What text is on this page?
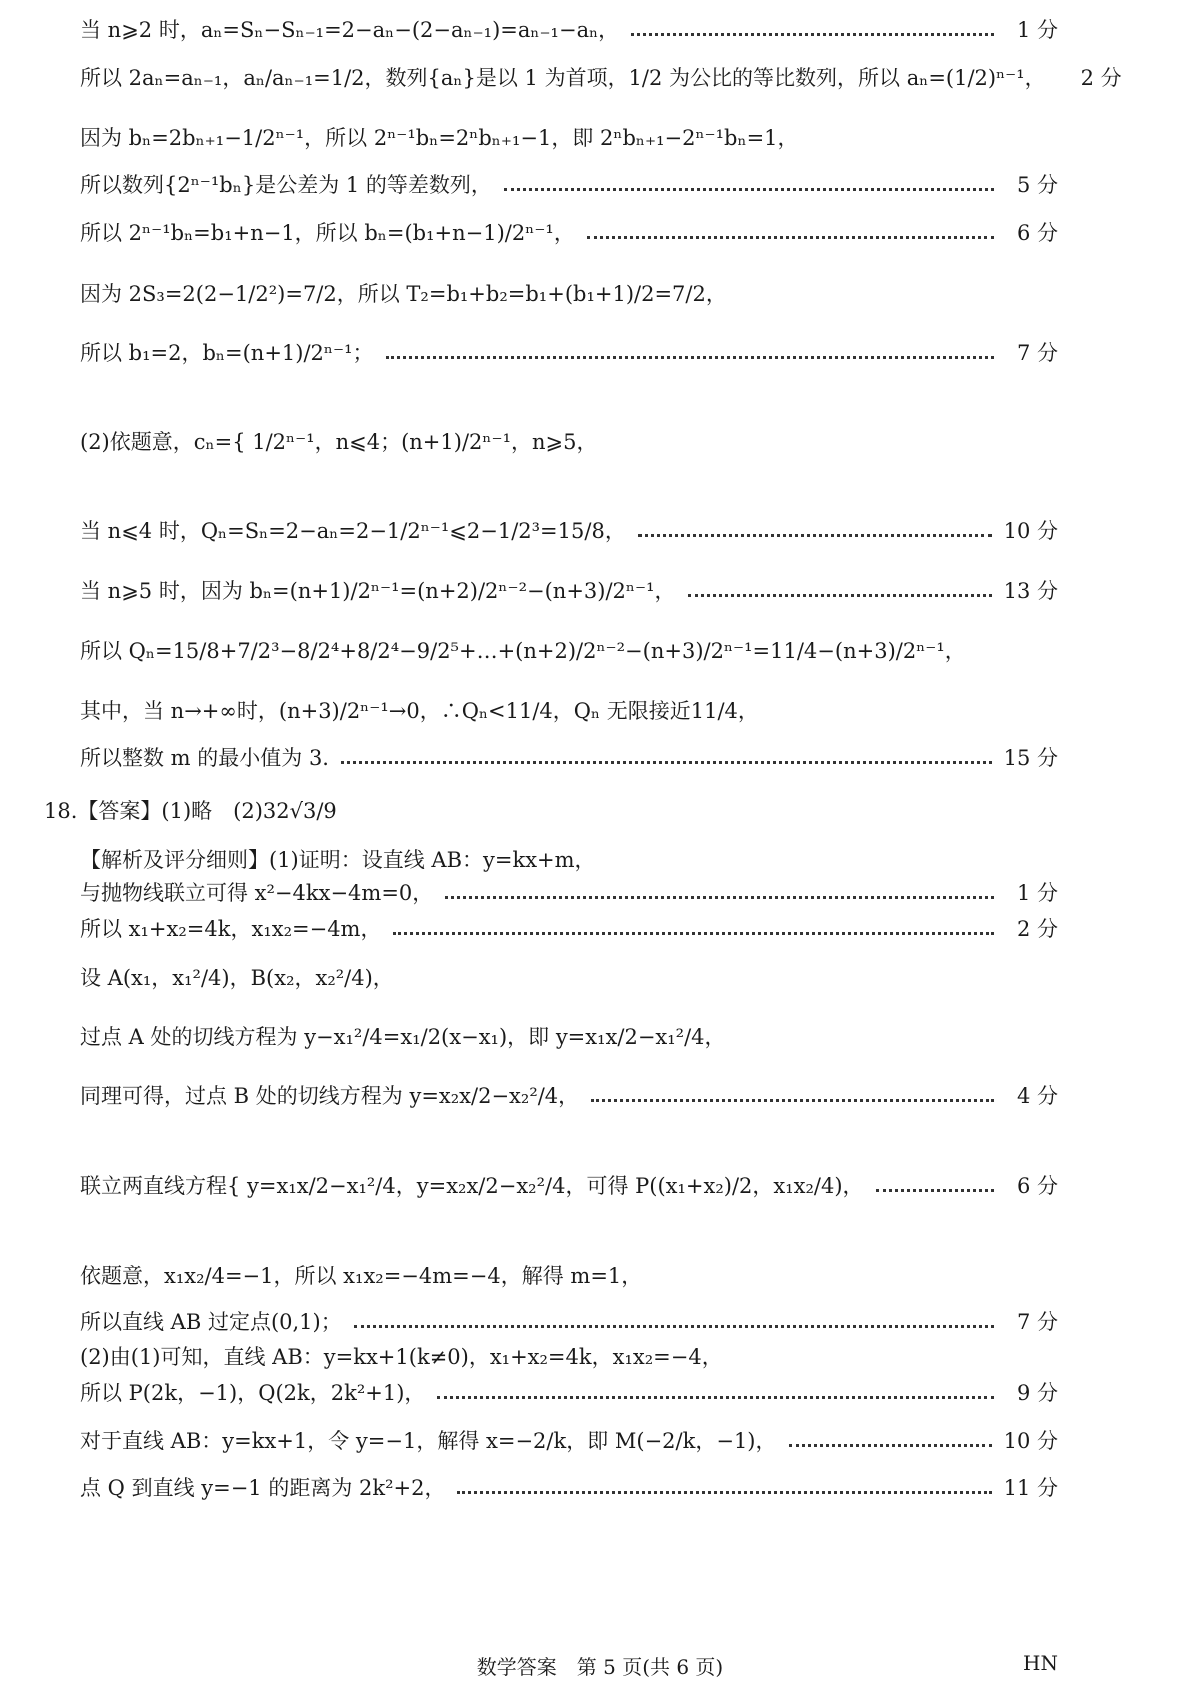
当 n⩾2 时，aₙ=Sₙ−Sₙ₋₁=2−aₙ−(2−aₙ₋₁)=aₙ₋₁−aₙ，	1 分
所以 2aₙ=aₙ₋₁，aₙ/aₙ₋₁=1/2，数列{aₙ}是以 1 为首项，1/2 为公比的等比数列，所以 aₙ=(1/2)ⁿ⁻¹，	2 分
因为 bₙ=2bₙ₊₁−1/2ⁿ⁻¹，所以 2ⁿ⁻¹bₙ=2ⁿbₙ₊₁−1，即 2ⁿbₙ₊₁−2ⁿ⁻¹bₙ=1，
所以数列{2ⁿ⁻¹bₙ}是公差为 1 的等差数列，	5 分
所以 2ⁿ⁻¹bₙ=b₁+n−1，所以 bₙ=(b₁+n−1)/2ⁿ⁻¹，	6 分
因为 2S₃=2(2−1/2²)=7/2，所以 T₂=b₁+b₂=b₁+(b₁+1)/2=7/2，
所以 b₁=2，bₙ=(n+1)/2ⁿ⁻¹；	7 分
(2)依题意，cₙ={ 1/2ⁿ⁻¹，n⩽4；(n+1)/2ⁿ⁻¹，n⩾5，
当 n⩽4 时，Qₙ=Sₙ=2−aₙ=2−1/2ⁿ⁻¹⩽2−1/2³=15/8，	10 分
当 n⩾5 时，因为 bₙ=(n+1)/2ⁿ⁻¹=(n+2)/2ⁿ⁻²−(n+3)/2ⁿ⁻¹，	13 分
所以 Qₙ=15/8+7/2³−8/2⁴+8/2⁴−9/2⁵+…+(n+2)/2ⁿ⁻²−(n+3)/2ⁿ⁻¹=11/4−(n+3)/2ⁿ⁻¹，
其中，当 n→+∞时，(n+3)/2ⁿ⁻¹→0，∴Qₙ<11/4，Qₙ 无限接近11/4，
所以整数 m 的最小值为 3.	15 分
18.【答案】(1)略　(2)32√3/9
【解析及评分细则】(1)证明：设直线 AB：y=kx+m，
与抛物线联立可得 x²−4kx−4m=0，	1 分
所以 x₁+x₂=4k，x₁x₂=−4m，	2 分
设 A(x₁，x₁²/4)，B(x₂，x₂²/4)，
过点 A 处的切线方程为 y−x₁²/4=x₁/2(x−x₁)，即 y=x₁x/2−x₁²/4，
同理可得，过点 B 处的切线方程为 y=x₂x/2−x₂²/4，	4 分
联立两直线方程{ y=x₁x/2−x₁²/4，y=x₂x/2−x₂²/4，可得 P((x₁+x₂)/2，x₁x₂/4)，	6 分
依题意，x₁x₂/4=−1，所以 x₁x₂=−4m=−4，解得 m=1，
所以直线 AB 过定点(0,1)；	7 分
(2)由(1)可知，直线 AB：y=kx+1(k≠0)，x₁+x₂=4k，x₁x₂=−4，
所以 P(2k，−1)，Q(2k，2k²+1)，	9 分
对于直线 AB：y=kx+1，令 y=−1，解得 x=−2/k，即 M(−2/k，−1)，	10 分
点 Q 到直线 y=−1 的距离为 2k²+2，	11 分
数学答案　第 5 页(共 6 页)	HN
